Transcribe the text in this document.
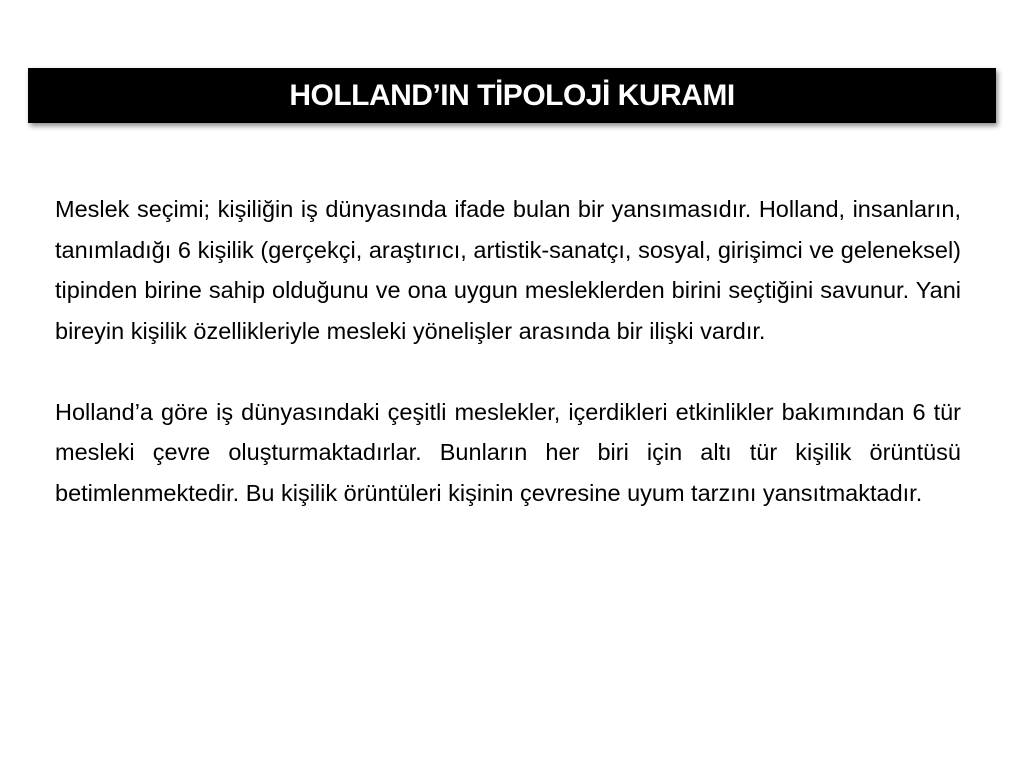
HOLLAND’IN TİPOLOJİ KURAMI

Meslek seçimi; kişiliğin iş dünyasında ifade bulan bir yansımasıdır. Holland, insanların, tanımladığı 6 kişilik (gerçekçi, araştırıcı, artistik-sanatçı, sosyal, girişimci ve geleneksel) tipinden birine sahip olduğunu ve ona uygun mesleklerden birini seçtiğini savunur. Yani bireyin kişilik özellikleriyle mesleki yönelişler arasında bir ilişki vardır.

Holland’a göre iş dünyasındaki çeşitli meslekler, içerdikleri etkinlikler bakımından 6 tür mesleki çevre oluşturmaktadırlar. Bunların her biri için altı tür kişilik örüntüsü betimlenmektedir. Bu kişilik örüntüleri kişinin çevresine uyum tarzını yansıtmaktadır.
